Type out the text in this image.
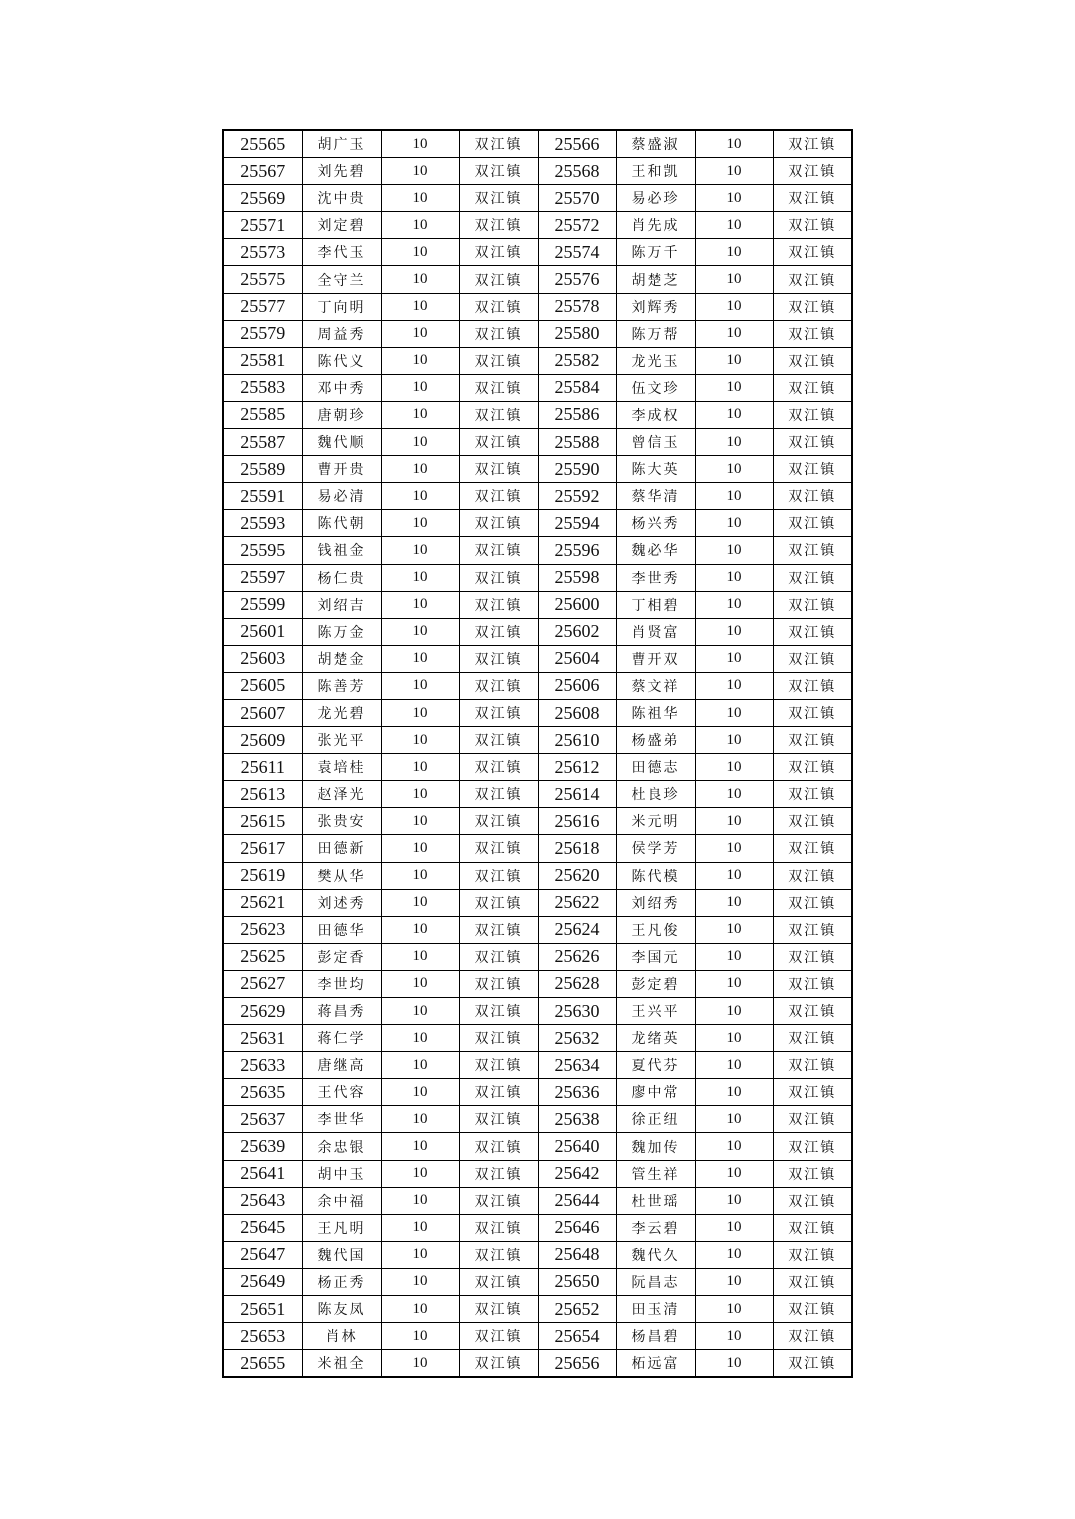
25565	胡广玉	10	双江镇	25566	蔡盛淑	10	双江镇
25567	刘先碧	10	双江镇	25568	王和凯	10	双江镇
25569	沈中贵	10	双江镇	25570	易必珍	10	双江镇
25571	刘定碧	10	双江镇	25572	肖先成	10	双江镇
25573	李代玉	10	双江镇	25574	陈万千	10	双江镇
25575	全守兰	10	双江镇	25576	胡楚芝	10	双江镇
25577	丁向明	10	双江镇	25578	刘辉秀	10	双江镇
25579	周益秀	10	双江镇	25580	陈万帮	10	双江镇
25581	陈代义	10	双江镇	25582	龙光玉	10	双江镇
25583	邓中秀	10	双江镇	25584	伍文珍	10	双江镇
25585	唐朝珍	10	双江镇	25586	李成权	10	双江镇
25587	魏代顺	10	双江镇	25588	曾信玉	10	双江镇
25589	曹开贵	10	双江镇	25590	陈大英	10	双江镇
25591	易必清	10	双江镇	25592	蔡华清	10	双江镇
25593	陈代朝	10	双江镇	25594	杨兴秀	10	双江镇
25595	钱祖金	10	双江镇	25596	魏必华	10	双江镇
25597	杨仁贵	10	双江镇	25598	李世秀	10	双江镇
25599	刘绍吉	10	双江镇	25600	丁相碧	10	双江镇
25601	陈万金	10	双江镇	25602	肖贤富	10	双江镇
25603	胡楚金	10	双江镇	25604	曹开双	10	双江镇
25605	陈善芳	10	双江镇	25606	蔡文祥	10	双江镇
25607	龙光碧	10	双江镇	25608	陈祖华	10	双江镇
25609	张光平	10	双江镇	25610	杨盛弟	10	双江镇
25611	袁培桂	10	双江镇	25612	田德志	10	双江镇
25613	赵泽光	10	双江镇	25614	杜良珍	10	双江镇
25615	张贵安	10	双江镇	25616	米元明	10	双江镇
25617	田德新	10	双江镇	25618	侯学芳	10	双江镇
25619	樊从华	10	双江镇	25620	陈代模	10	双江镇
25621	刘述秀	10	双江镇	25622	刘绍秀	10	双江镇
25623	田德华	10	双江镇	25624	王凡俊	10	双江镇
25625	彭定香	10	双江镇	25626	李国元	10	双江镇
25627	李世均	10	双江镇	25628	彭定碧	10	双江镇
25629	蒋昌秀	10	双江镇	25630	王兴平	10	双江镇
25631	蒋仁学	10	双江镇	25632	龙绪英	10	双江镇
25633	唐继高	10	双江镇	25634	夏代芬	10	双江镇
25635	王代容	10	双江镇	25636	廖中常	10	双江镇
25637	李世华	10	双江镇	25638	徐正纽	10	双江镇
25639	余忠银	10	双江镇	25640	魏加传	10	双江镇
25641	胡中玉	10	双江镇	25642	管生祥	10	双江镇
25643	余中福	10	双江镇	25644	杜世瑶	10	双江镇
25645	王凡明	10	双江镇	25646	李云碧	10	双江镇
25647	魏代国	10	双江镇	25648	魏代久	10	双江镇
25649	杨正秀	10	双江镇	25650	阮昌志	10	双江镇
25651	陈友凤	10	双江镇	25652	田玉清	10	双江镇
25653	肖林	10	双江镇	25654	杨昌碧	10	双江镇
25655	米祖全	10	双江镇	25656	柘远富	10	双江镇
